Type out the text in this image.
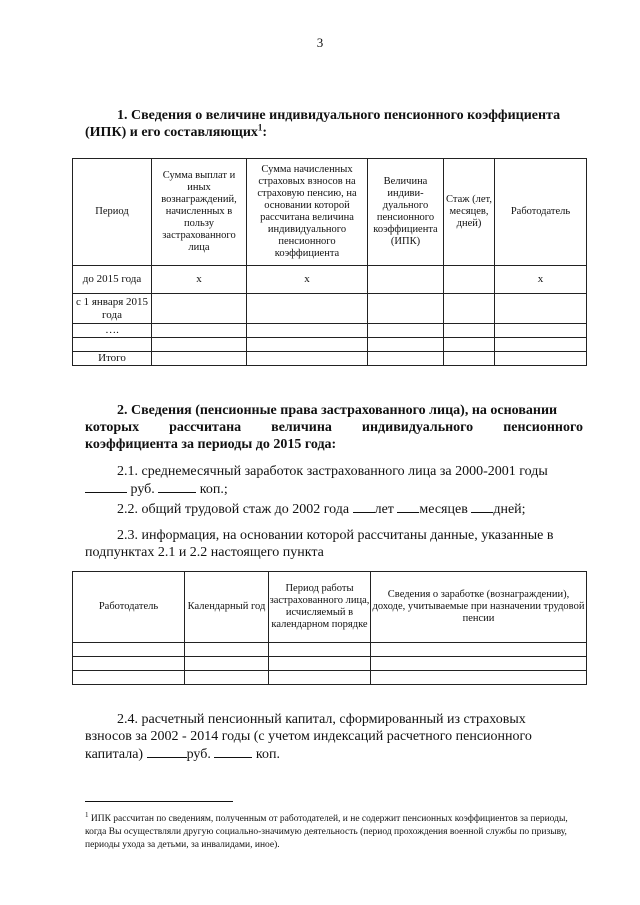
3
1. Сведения о величине индивидуального пенсионного коэффициента
(ИПК) и его составляющих$^1$:
Период	Сумма выплат и иных вознаграждений, начисленных в пользу застрахованного лица	Сумма начисленных страховых взносов на страховую пенсию, на основании которой рассчитана величина индивидуального пенсионного коэффициента	Величина индиви-дуального пенсионного коэффициента (ИПК)	Стаж (лет, месяцев, дней)	Работодатель
до 2015 года	х	х			х
с 1 января 2015 года					
….					

Итого					
2. Сведения (пенсионные права застрахованного лица), на основании
которых рассчитана величина индивидуального пенсионного
коэффициента за периоды до 2015 года:
2.1. среднемесячный заработок застрахованного лица за 2000-2001 годы
руб.	коп.;
2.2. общий трудовой стаж до 2002 года лет месяцев дней;
2.3. информация, на основании которой рассчитаны данные, указанные в
подпунктах 2.1 и 2.2 настоящего пункта
Работодатель	Календарный год	Период работы застрахованного лица, исчисляемый в календарном порядке	Сведения о заработке (вознаграждении), доходе, учитываемые при назначении трудовой пенсии

2.4. расчетный пенсионный капитал, сформированный из страховых
взносов за 2002 - 2014 годы (с учетом индексаций расчетного пенсионного
капитала)	руб.	коп.
$^1$ ИПК рассчитан по сведениям, полученным от работодателей, и не содержит пенсионных коэффициентов за периоды, когда Вы осуществляли другую социально-значимую деятельность (период прохождения военной службы по призыву, периоды ухода за детьми, за инвалидами, иное).
